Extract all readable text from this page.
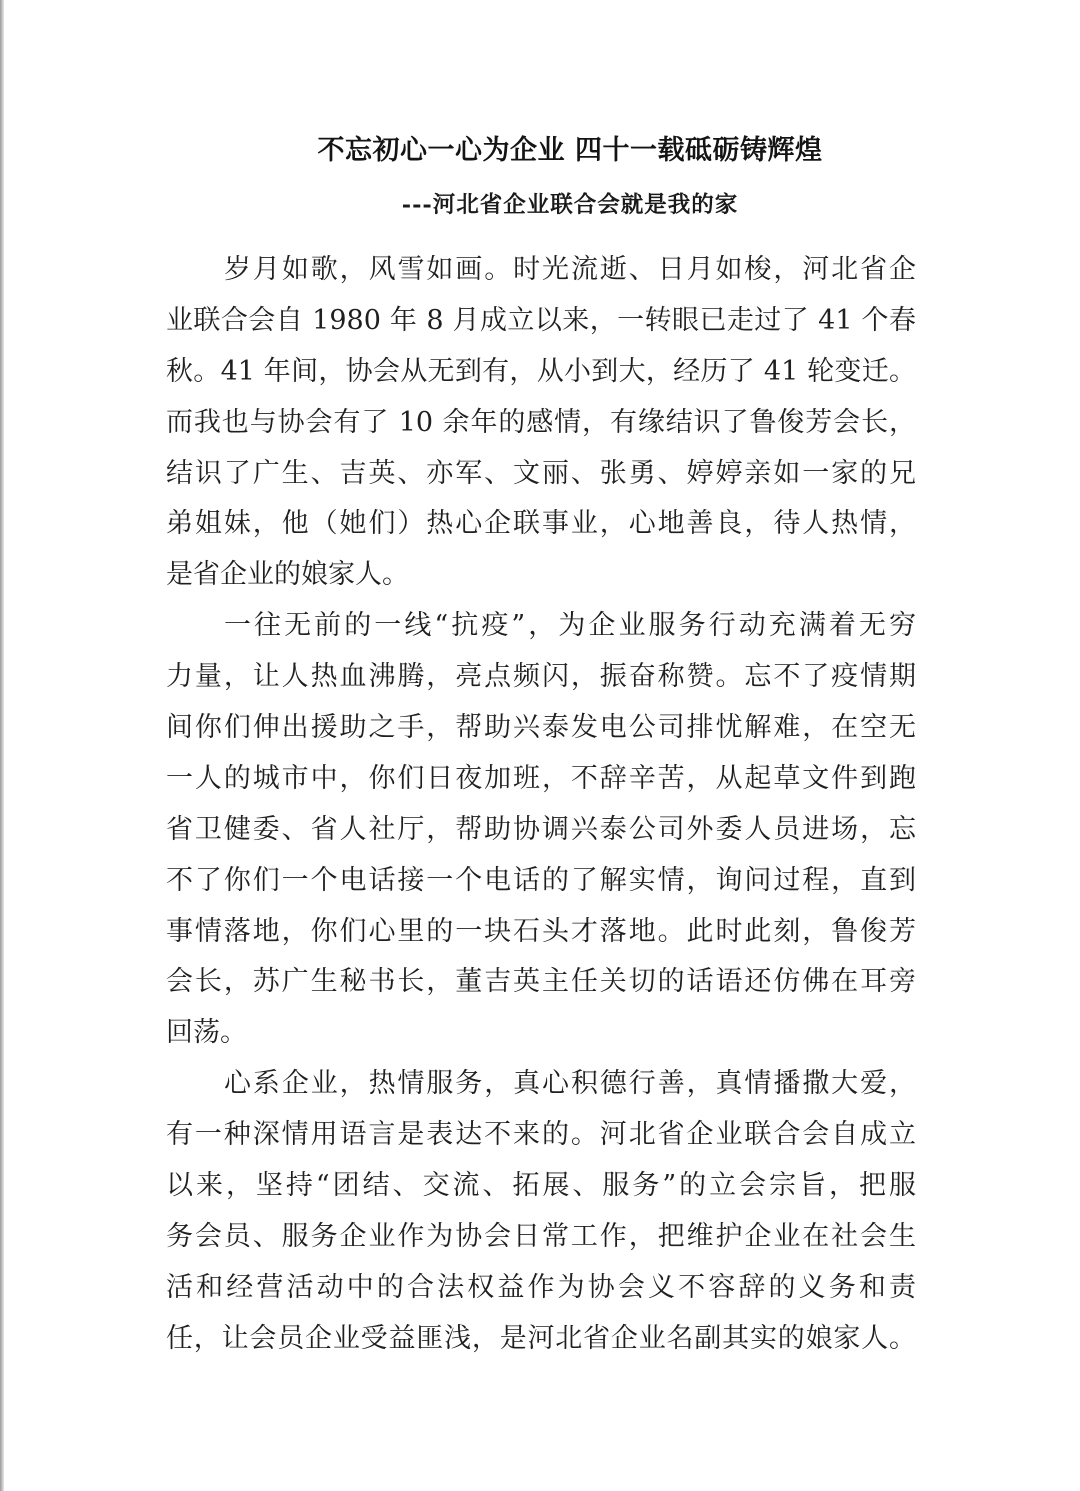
不忘初心一心为企业 四十一载砥砺铸辉煌
---河北省企业联合会就是我的家
岁月如歌，风雪如画。时光流逝、日月如梭，河北省企
业联合会自 1980 年 8 月成立以来，一转眼已走过了 41 个春
秋。41 年间，协会从无到有，从小到大，经历了 41 轮变迁。
而我也与协会有了 10 余年的感情，有缘结识了鲁俊芳会长，
结识了广生、吉英、亦军、文丽、张勇、婷婷亲如一家的兄
弟姐妹，他（她们）热心企联事业，心地善良，待人热情，
是省企业的娘家人。
一往无前的一线“抗疫”，为企业服务行动充满着无穷
力量，让人热血沸腾，亮点频闪，振奋称赞。忘不了疫情期
间你们伸出援助之手，帮助兴泰发电公司排忧解难，在空无
一人的城市中，你们日夜加班，不辞辛苦，从起草文件到跑
省卫健委、省人社厅，帮助协调兴泰公司外委人员进场，忘
不了你们一个电话接一个电话的了解实情，询问过程，直到
事情落地，你们心里的一块石头才落地。此时此刻，鲁俊芳
会长，苏广生秘书长，董吉英主任关切的话语还仿佛在耳旁
回荡。
心系企业，热情服务，真心积德行善，真情播撒大爱，
有一种深情用语言是表达不来的。河北省企业联合会自成立
以来，坚持“团结、交流、拓展、服务”的立会宗旨，把服
务会员、服务企业作为协会日常工作，把维护企业在社会生
活和经营活动中的合法权益作为协会义不容辞的义务和责
任，让会员企业受益匪浅，是河北省企业名副其实的娘家人。
